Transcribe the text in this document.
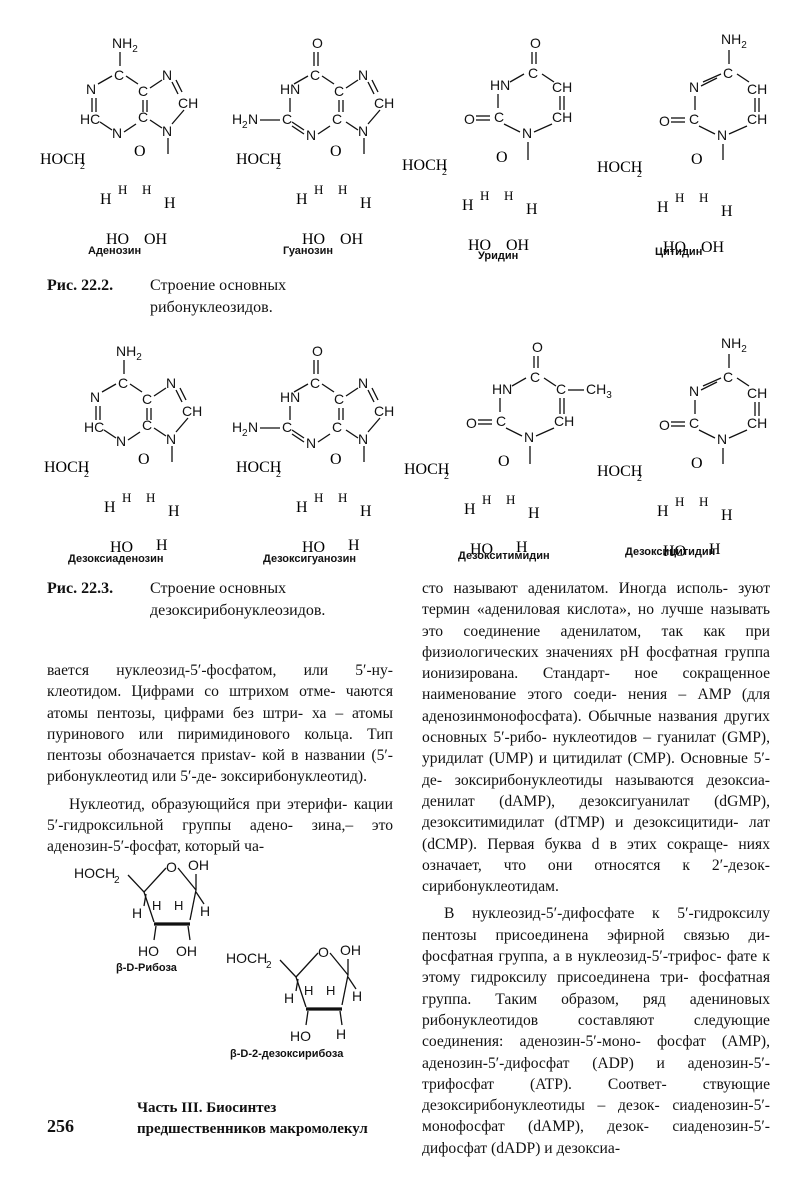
$NH_2$
C
N
HC
N
C
C
N
CH
N
Аденозин
O
C
HN
H 2 N C
N
C
C
N
CH
N
Гуанозин
O
C
HN	CH
CH
C
O
N
Уридин
$NH_2$
C
N	CH
CH
C
O
N
Цитидин
Рис. 22.2. Строение основных рибонуклеозидов.
$NH_2$
C
N
HC
N
C
C
N
CH
N
Дезоксиаденозин
O
C
HN
H 2 N C
N
C
C
N
CH
N
Дезоксигуанозин
O
C
HN	C $CH_3$
CH
C
O
N
Дезокситимидин
$NH_2$
C
N	CH
CH
C
O
N
Дезоксицитидин
Рис. 22.3. Строение основных дезоксирибонуклеозидов.

вается нуклеозид-5′-фосфатом, или 5′-ну- клеотидом. Цифрами со штрихом отме- чаются атомы пентозы, цифрами без штри- ха – атомы пуринового или пиримидинового кольца. Тип пентозы обозначается приstav- кой в названии (5′-рибонуклеотид или 5′-де- зоксирибонуклеотид).

Нуклеотид, образующийся при этерифи- кации 5′-гидроксильной группы адено- зина,– это аденозин-5′-фосфат, который ча-

HOCH
2
O OH
H	H
H H
HO OH
β-D-Рибоза
HOCH
2
O OH
H	H
H H
HO H
β-D-2-дезоксирибоза

сто называют аденилатом. Иногда исполь- зуют термин «адениловая кислота», но лучше называть это соединение аденилатом, так как при физиологических значениях pH фосфатная группа ионизирована. Стандарт- ное сокращенное наименование этого соеди- нения – AMP (для аденозинмонофосфата). Обычные названия других основных 5′-рибо- нуклеотидов – гуанилат (GMP), уридилат (UMP) и цитидилат (CMP). Основные 5′-де- зоксирибонуклеотиды называются дезоксиа- денилат (dAMP), дезоксигуанилат (dGMP), дезокситимидилат (dTMP) и дезоксицитиди- лат (dCMP). Первая буква d в этих сокраще- ниях означает, что они относятся к 2′-дезок- сирибонуклеотидам.

В нуклеозид-5′-дифосфате к 5′-гидроксилу пентозы присоединена эфирной связью ди- фосфатная группа, а в нуклеозид-5′-трифос- фате к этому гидроксилу присоединена три- фосфатная группа. Таким образом, ряд адениновых рибонуклеотидов составляют	следующие соединения: аденозин-5′-моно- фосфат (AMP), аденозин-5′-дифосфат (ADP) и аденозин-5′-трифосфат (ATP). Соответ- ствующие дезоксирибонуклеотиды – дезок- сиаденозин-5′-монофосфат (dAMP), дезок- сиаденозин-5′-дифосфат (dADP) и дезоксиа-

256
Часть III. Биосинтез
предшественников макромолекул
